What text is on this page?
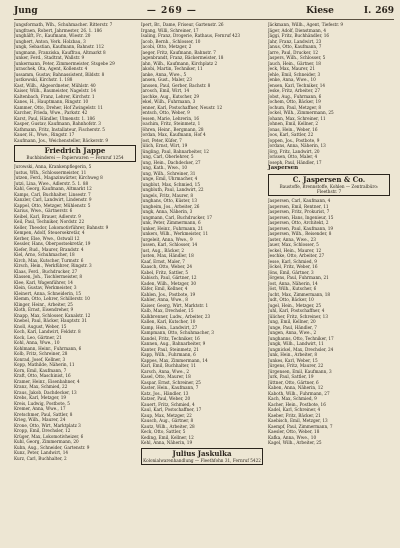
Jung	— 269 —	Kiese	I. 269
Jungsformath, Wlh., Schuhmacher. Ritterstr. 7
Jungfraen, Robert, Jahrmester, 26. 1. 186
Junghälft, Fr., Kaufmann, Wiestr. 20
Junghert, Anton, Verk. Holzbau, 3
Jungk, Sebastian, Kaufmann, Bahnstr. 112
Jungmann, Franziska, Kauffrau, Altmarkt 8
Junker, Ferd., Stadtrat, Wallstr. 9
Junkermann, Peter, Zimmermeister, Stsgebe 29
Juraschek, Ota, Agent, Kollenstr. 4
Jussamm, Gustav, Bahnassistent, Bildstr. 8
Justkowski, Kirchstr. 1. 188
Kast, Wilh., Abgeordneter, Mühlstr. 40
Kaiser, Wilh., Baumeister, Nagelstr. 14
Kaltenbach, Franz, Lehrer, Kirchstr. 1
Kanes, H., Hauptmann, Ringstr. 10
Kammer, Otto, Dreher, Hof Zwingelstr. 11
Karcher, Frieda, Wwe., Parkstr. 42
Karst, Paul, Händler, Ulmenstr. 1. 186
Kasper, Gustav, Kaufmann, Bahnhofstr. 3
Kathmann, Fritz, Installateur, Fischerstr. 5
Kauer, H., Wwe., Ringstr. 17
Kaufmann, Jos., Weichensteller, Bäckerstr. 9
Friedrich Jappe
Buchbinderei — Papierwaren — Fernruf 1254
Jurowski, Anna, Krankenpflegerin, 5
Justus, Wlh., Schlossermeister, 11
Jutzen, Ferd., Magazinwärter, Kirchweg 8
Jutzi, Lina, Wwe., Adlerstr. 5. 1. 88
Kahl, Georg, Kaufmann, Altmarkt 12
Kamps, Carl, Buchhalter, Linsestr. 7
Kanzler, Carl, Landwirt, Lindenstr. 9
Kappel, Otto, Metzger, Mühlenstr. 5
Karius, Wwe., Gärtnerstr. 6
Keibel, Karl, Brauer, Adlerstr. 9
Keil, Paul, Techniker, Nordstr. 22
Keller, Theodor, Lokomotivführer, Bahnstr. 9
Kempen, Adolf, Steuersekretär, 4
Kerber, Else, Wwe., Ostwall 12
Kessler, Hans, Oberpostsekretär, 19
Kiefer, Rud., Maurer, Brandstr. 4
Kiel, Arno, Schuhmacher, 18
Kirch, Max, Kutscher, Turmstr. 6
Kirsch, Hein., Werkführer, Ringstr. 3
Klaas, Ferd., Buchdrucker, 27
Klassen, Joh., Tischlermeister, 8
Klee, Karl, Wagenführer, 14
Klein, Gustav, Werkmeister, 3
Kleinert, Anna, Schneiderin, 15
Klemm, Otto, Lehrer, Schillerstr. 10
Klinger, Heinr., Arbeiter, 25
Kloth, Ernst, Eisendreher, 9
Knapp, Max, Schlosser, Kanalstr. 12
Knebel, Paul, Bäcker, Hauptstr. 31
Knoll, August, Weber, 15
Koch, Karl, Landwirt, Feldstr. 8
Kock, Leo, Gärtner, 21
Kohl, Anna, Wwe., 10
Kohlmann, Heinr., Fuhrmann, 6
Kolb, Fritz, Schreiner, 28
Konrad, Josef, Kellner, 3
Kopp, Mathilde, Näherin, 11
Korn, Emil, Kaufmann, 7
Kraft, Otto, Maschinist, 16
Kramer, Heinr., Eisenbahner, 4
Kranz, Max, Schmied, 22
Kraus, Jakob, Dachdecker, 13
Krebs, Karl, Metzger, 19
Kreis, Ludwig, Postbote, 5
Kremer, Anna, Wwe., 17
Kretschmer, Paul, Sattler, 8
Krieg, Wilh., Maurer, 24
Krone, Otto, Wirt, Marktplatz 3
Kropp, Emil, Drechsler, 12
Krüger, Max, Lokomotivheizer, 6
Kuhl, Georg, Zimmermann, 20
Kuhn, Aug., Schneider, Gartenstr. 9
Kunz, Peter, Landwirt, 14
Kurz, Carl, Buchhalter, 2
Ipert, Br., Dame, Friseur, Gartenstr. 26
Irgang, Willi, Schreiner, 17
Isaling, Franz, Drogerie, Rathaus, Fernruf 423
Jacob, Bernh., Schlosser, 10
Jacobi, Otto, Metzger, 2
Jaeger, Fritz, Kaufmann, Bahnstr. 7
Jagenbrandt, Franz, Bäckermeister, 18
Jahn, Wilh., Kaufmann, Kirchplatz 2
Jakobi, Martin, Techniker, 11
Janke, Anna, Wwe., 5
Jansen, Gust., Maler, 23
Janssen, Paul, Gerber, Bachstr. 8
Jarosch, Emil, Wirt, 14
Jaschke, Aug., Kutscher, 29
Jekel, Wilh., Fuhrmann, 3
Jenner, Karl, Postschaffner, Neustr. 12
Jentsch, Otto, Weber, 9
Jessen, Marie, Lehrerin, 16
Joachim, Fritz, Steinmetz, 1
Jöhren, Heinr., Bergmann, 28
Jordan, Max, Kaufmann, Hof 4
Jost, Peter, Küfer, 7
Jülich, Ernst, Wirt, 19
Jüngling, Paul, Bahnarbeiter, 12
Jung, Carl, Oberlehrer, 5
Jung, Hein., Dachdecker, 27
Jung, Kath., Wwe., 10
Jung, Wilh., Schreiner, 31
Junge, Emil, Uhrmacher, 4
Jungblut, Max, Schmied, 15
Jungbluth, Paul, Landwirt, 22
Jungels, Fritz, Maurer, 8
Junghans, Otto, Küster, 13
Jungheim, Jos., Arbeiter, 26
Jungk, Anna, Näherin, 3
Jungmann, Carl, Buchdrucker, 17
Junk, Peter, Zimmermann, 6
Junker, Heinr., Fuhrmann, 21
Junkers, Wilh., Werkmeister, 11
Jurgeleit, Anna, Wwe., 9
Jussen, Karl, Schlosser, 14
Just, Aug., Bäcker, 2
Justen, Max, Händler, 18
Kaaf, Ernst, Maler, 7
Kaasch, Otto, Weber, 24
Kabel, Fritz, Sattler, 5
Kabisch, Paul, Gärtner, 12
Kaden, Wilh., Metzger, 30
Käfer, Emil, Kellner, 4
Kahlen, Jos., Postbote, 19
Kahler, Anna, Wwe., 8
Kaiser, Georg, Wirt, Marktstr. 1
Kalb, Max, Drechsler, 15
Kalkbrenner, Ludw., Arbeiter, 23
Kallen, Karl, Kutscher, 10
Kamp, Hein., Landwirt, 27
Kampmann, Otto, Schuhmacher, 3
Kandel, Fritz, Techniker, 16
Kannen, Aug., Bahnarbeiter, 9
Kanter, Paul, Steinmetz, 21
Kapp, Wilh., Fuhrmann, 6
Kappes, Max, Zimmermann, 14
Karl, Emil, Buchhalter, 11
Karsch, Anna, Wwe., 2
Kasel, Otto, Maurer, 18
Kaspar, Ernst, Schreiner, 25
Kaster, Hein., Kaufmann, 7
Katz, Jos., Händler, 13
Katzer, Paul, Weber, 20
Kauert, Fritz, Schmied, 4
Kaul, Karl, Postschaffner, 17
Kaup, Max, Metzger, 22
Kausch, Aug., Gärtner, 8
Kautz, Wilh., Arbeiter, 28
Keck, Otto, Sattler, 5
Keding, Emil, Kellner, 12
Kehl, Anna, Näherin, 19
Julius Jaskulka
Kolonialwarenhandlung — Fleethfohn 31, Fernruf 5422
Jäckmann, Willh., Agent, Tiefestr. 9
Jäger, Adolf, Dienstmann, 4
Jäggi, Fritz, Buchhändler, 16
Jahr, Franz, Landwirt, 23
Janus, Otto, Kaufmann, 7
Jarre, Paul, Drucker, 12
Jaspers, Wilh., Schlosser, 5
Jauch, Hein., Gärtner, 18
Jeck, Max, Maurer, 21
Jehle, Emil, Schneider, 3
Jenke, Anna, Wwe., 10
Jensen, Karl, Techniker, 14
Jeske, Fritz, Arbeiter, 27
Jobst, Aug., Fuhrmann, 6
Jochem, Otto, Bäcker, 19
Jochum, Paul, Metzger, 8
Jockel, Wilh., Zimmermann, 25
Johann, Max, Schreiner, 11
Johnen, Emil, Kellner, 2
Jonas, Hein., Weber, 16
Joos, Karl, Sattler, 22
Joppen, Jos., Postbote, 9
Jordans, Anna, Näherin, 13
Jörg, Fritz, Landwirt, 20
Jorissen, Otto, Maler, 4
Joseph, Paul, Händler, 17
Jaspersen
C. Jaspersen & Co.
Baustoffe, Brennstoffe, Kohlen — Zentralbüro: Fleethstr. 7
Jaspersen, Carl, Kaufmann, 4
Jaspersen, Emil, Rentner, 11
Jaspersen, Fritz, Prokurist, 7
Jaspersen, Hans, Ingenieur, 15
Jaspersen, Otto, Architekt, 2
Jaspersen, Paul, Kaufmann, 19
Jaspersen, Wilh., Reisender, 8
Jaster, Anna, Wwe., 23
Jauer, Max, Schlosser, 5
Jeckel, Hein., Maurer, 12
Jeschke, Otto, Arbeiter, 27
Jesse, Karl, Schmied, 9
Jöckel, Fritz, Weber, 16
Jöns, Emil, Gärtner, 3
Jörgens, Paul, Fuhrmann, 21
Jost, Anna, Näherin, 14
Jöst, Wilh., Kutscher, 6
Jucht, Max, Zimmermann, 18
Judt, Otto, Bäcker, 10
Jugel, Hein., Metzger, 25
Juhl, Karl, Postschaffner, 4
Jülicher, Fritz, Schreiner, 13
Jung, Emil, Kellner, 20
Junge, Paul, Händler, 7
Jungen, Anna, Wwe., 2
Junghanns, Otto, Techniker, 17
Jungk, Wilh., Landwirt, 11
Jungnickel, Max, Drechsler, 24
Junk, Hein., Arbeiter, 8
Junkes, Karl, Weber, 15
Jürgens, Fritz, Maurer, 22
Jürgensen, Emil, Kaufmann, 3
Jurk, Paul, Sattler, 19
Jüttner, Otto, Gärtner, 6
Kaben, Anna, Näherin, 12
Kaboth, Wilh., Fuhrmann, 27
Kach, Max, Schmied, 9
Kacher, Hein., Postbote, 16
Kadel, Karl, Schreiner, 4
Kaeber, Fritz, Bäcker, 21
Kaebisch, Emil, Metzger, 13
Kaempf, Paul, Zimmermann, 7
Kaesler, Otto, Weber, 18
Kafka, Anna, Wwe., 10
Kagel, Wilh., Arbeiter, 25
